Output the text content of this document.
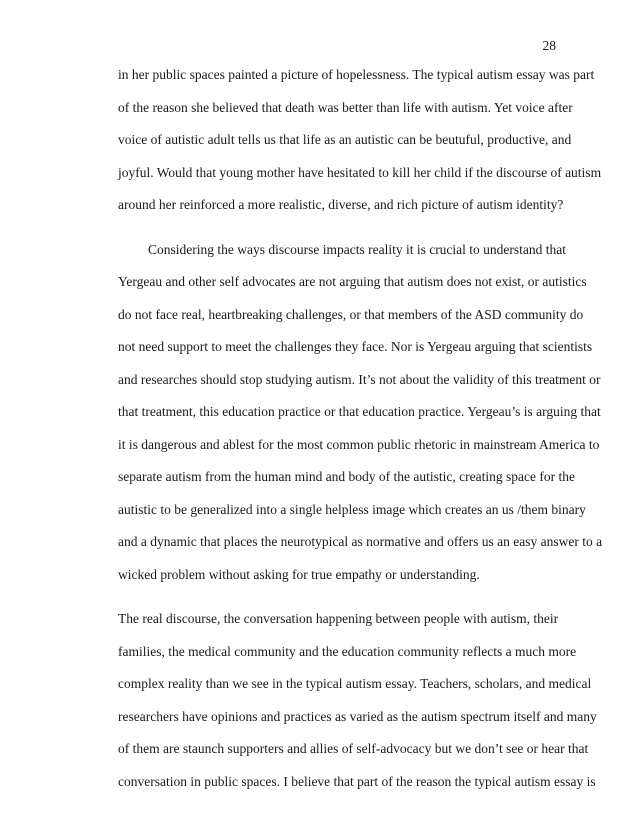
28
in her public spaces painted a picture of hopelessness. The typical autism essay was part
of the reason she believed that death was better than life with autism. Yet voice after
voice of autistic adult tells us that life as an autistic can be beutuful, productive, and
joyful. Would that young mother have hesitated to kill her child if the discourse of autism
around her reinforced a more realistic, diverse, and rich picture of autism identity?
Considering the ways discourse impacts reality it is crucial to understand that
Yergeau and other self advocates are not arguing that autism does not exist, or autistics
do not face real, heartbreaking challenges, or that members of the ASD community do
not need support to meet the challenges they face. Nor is Yergeau arguing that scientists
and researches should stop studying autism. It’s not about the validity of this treatment or
that treatment, this education practice or that education practice. Yergeau’s is arguing that
it is dangerous and ablest for the most common public rhetoric in mainstream America to
separate autism from the human mind and body of the autistic, creating space for the
autistic to be generalized into a single helpless image which creates an us /them binary
and a dynamic that places the neurotypical as normative and offers us an easy answer to a
wicked problem without asking for true empathy or understanding.
The real discourse, the conversation happening between people with autism, their
families, the medical community and the education community reflects a much more
complex reality than we see in the typical autism essay. Teachers, scholars, and medical
researchers have opinions and practices as varied as the autism spectrum itself and many
of them are staunch supporters and allies of self-advocacy but we don’t see or hear that
conversation in public spaces. I believe that part of the reason the typical autism essay is
